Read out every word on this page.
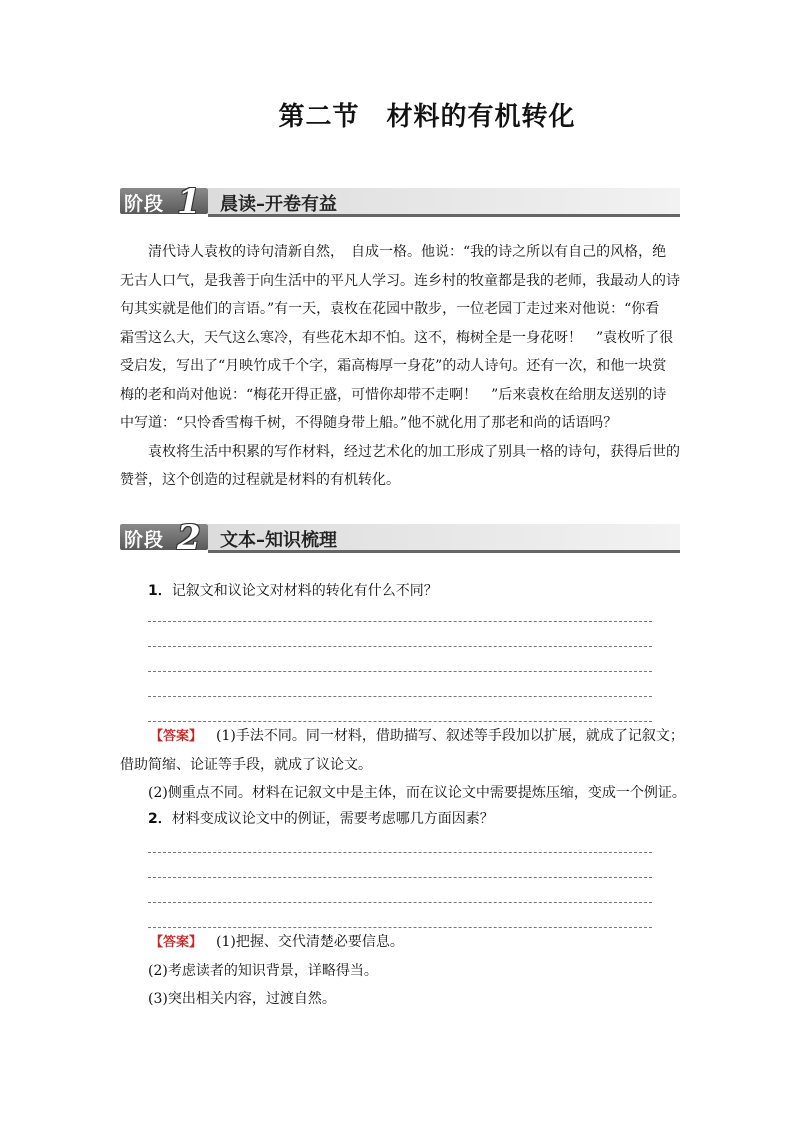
第二节　材料的有机转化
阶段 1 晨读–开卷有益
清代诗人袁枚的诗句清新自然，　自成一格。他说：“我的诗之所以有自己的风格，绝
无古人口气，是我善于向生活中的平凡人学习。连乡村的牧童都是我的老师，我最动人的诗
句其实就是他们的言语。”有一天，袁枚在花园中散步，一位老园丁走过来对他说：“你看
霜雪这么大，天气这么寒冷，有些花木却不怕。这不，梅树全是一身花呀！　”袁枚听了很
受启发，写出了“月映竹成千个字，霜高梅厚一身花”的动人诗句。还有一次，和他一块赏
梅的老和尚对他说：“梅花开得正盛，可惜你却带不走啊！　”后来袁枚在给朋友送别的诗
中写道：“只怜香雪梅千树，不得随身带上船。”他不就化用了那老和尚的话语吗？
袁枚将生活中积累的写作材料，经过艺术化的加工形成了别具一格的诗句，获得后世的
赞誉，这个创造的过程就是材料的有机转化。
阶段 2 文本–知识梳理
1．记叙文和议论文对材料的转化有什么不同？
【答案】 (1)手法不同。同一材料，借助描写、叙述等手段加以扩展，就成了记叙文；
借助简缩、论证等手段，就成了议论文。
(2)侧重点不同。材料在记叙文中是主体，而在议论文中需要提炼压缩，变成一个例证。
2．材料变成议论文中的例证，需要考虑哪几方面因素？
【答案】 (1)把握、交代清楚必要信息。
(2)考虑读者的知识背景，详略得当。
(3)突出相关内容，过渡自然。
